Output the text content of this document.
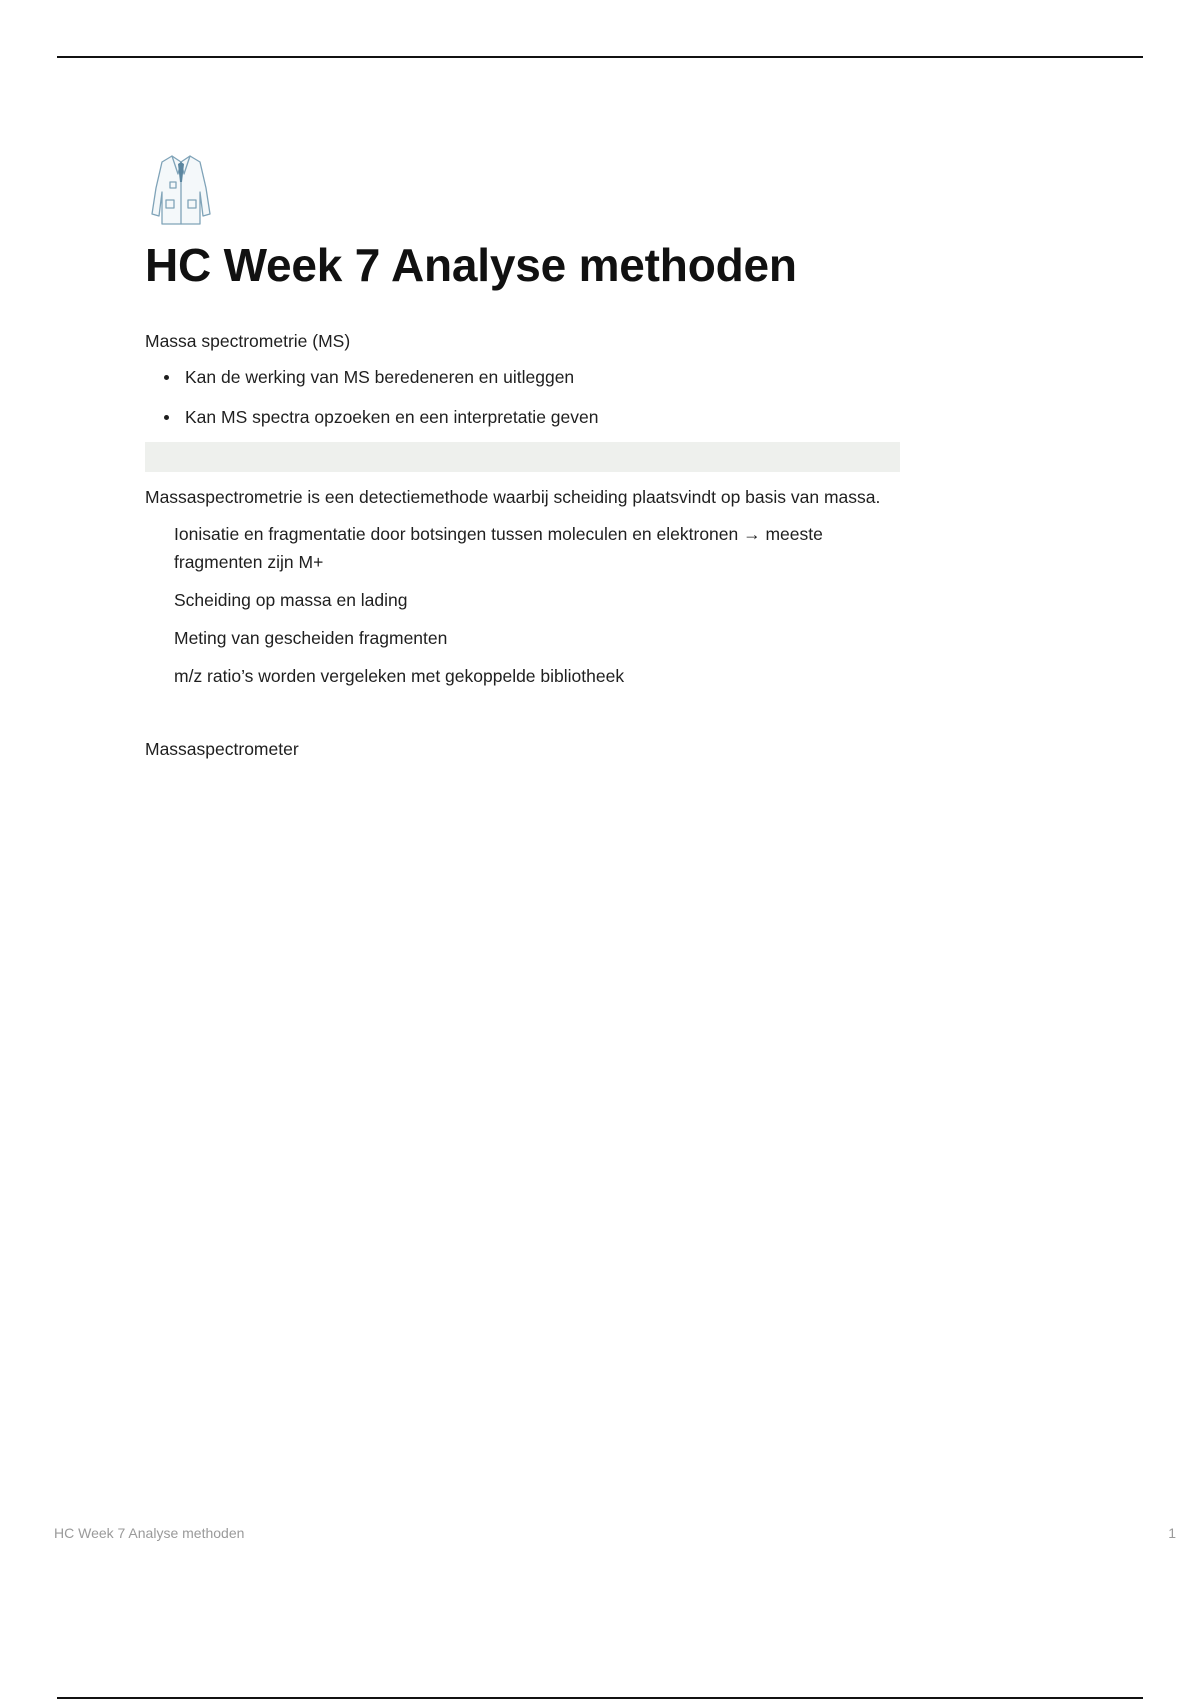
HC Week 7 Analyse methoden

Massa spectrometrie (MS)

Kan de werking van MS beredeneren en uitleggen
Kan MS spectra opzoeken en een interpretatie geven

Massaspectrometrie is een detectiemethode waarbij scheiding plaatsvindt op basis van massa.

Ionisatie en fragmentatie door botsingen tussen moleculen en elektronen → meeste fragmenten zijn M+
Scheiding op massa en lading
Meting van gescheiden fragmenten
m/z ratio’s worden vergeleken met gekoppelde bibliotheek

Massaspectrometer

HC Week 7 Analyse methoden	1
